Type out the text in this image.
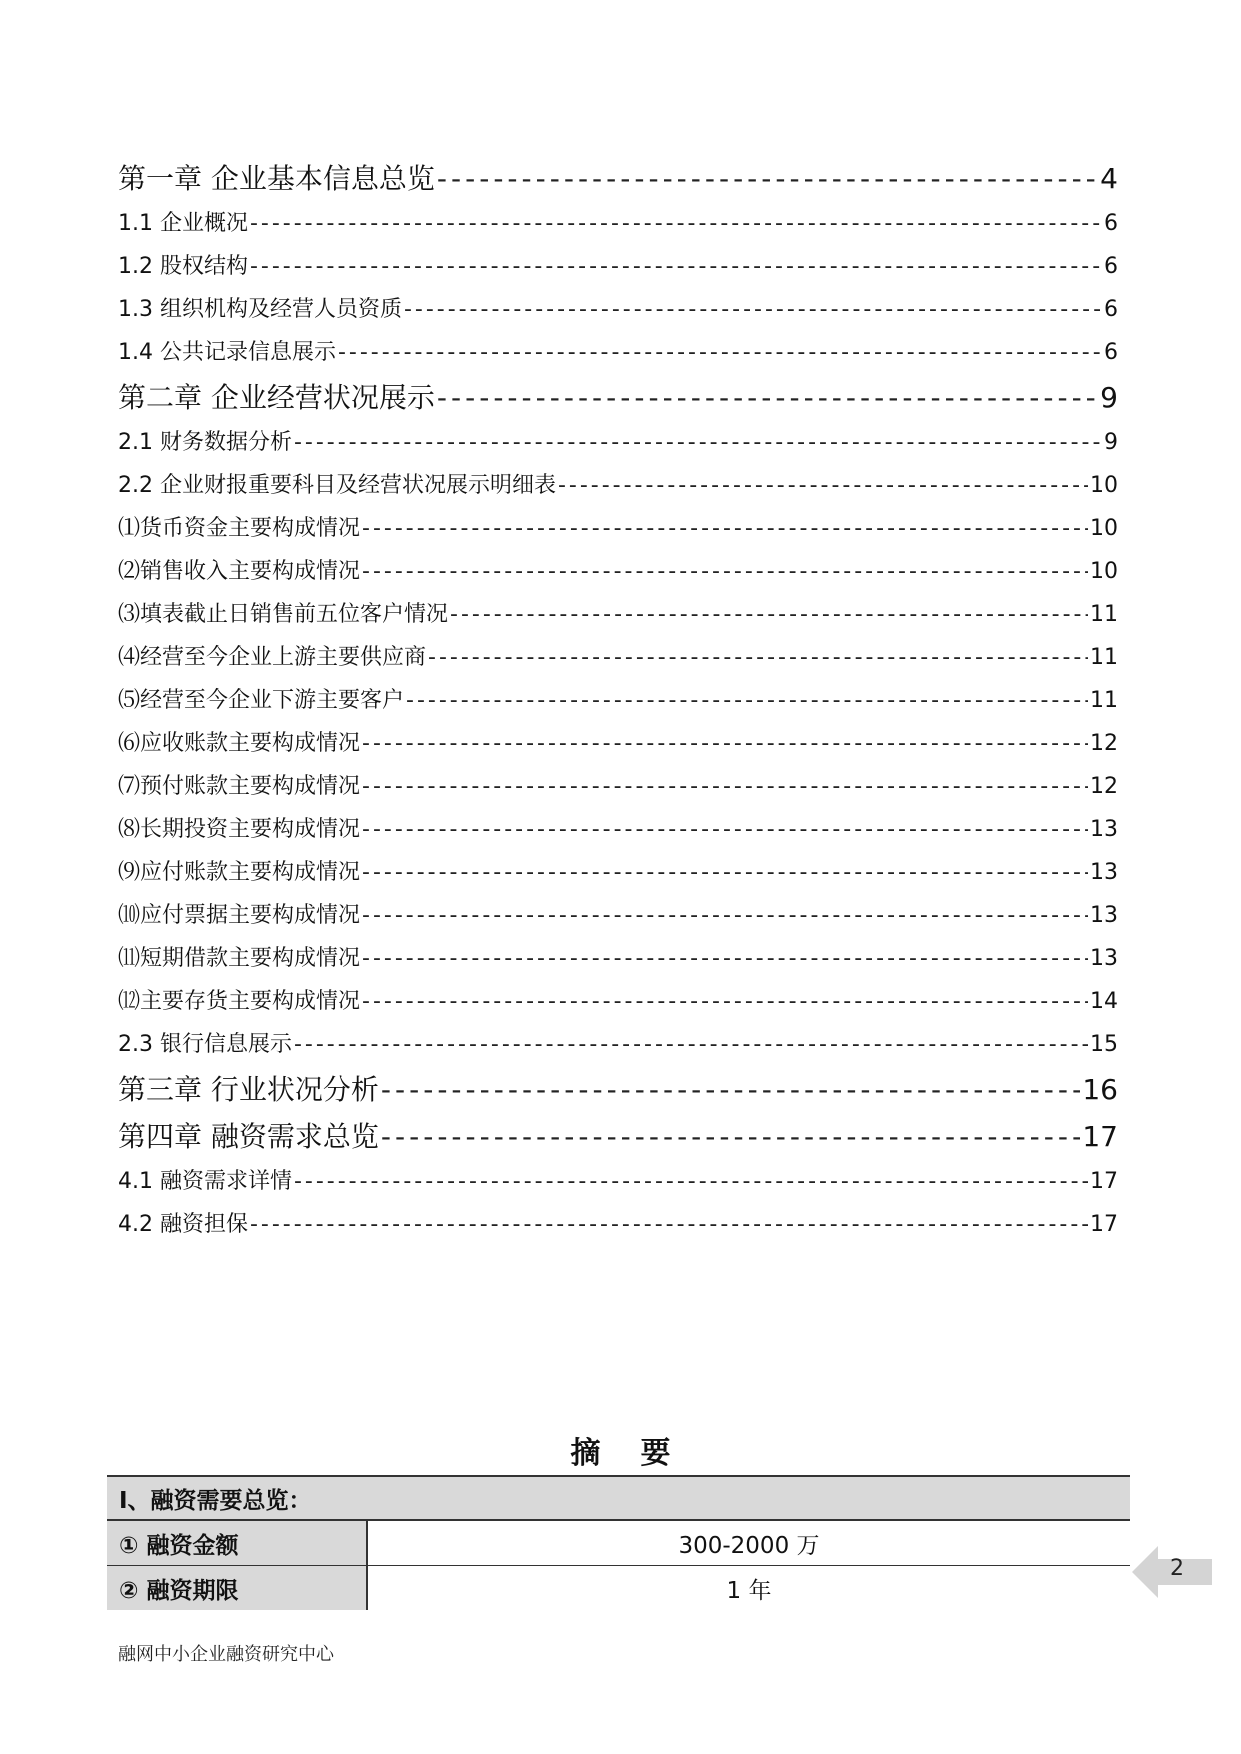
第一章 企业基本信息总览 -----	4
1.1 企业概况 -----	6
1.2 股权结构 -----	6
1.3 组织机构及经营人员资质 -----	6
1.4 公共记录信息展示 -----	6
第二章 企业经营状况展示 -----	9
2.1 财务数据分析 -----	9
2.2 企业财报重要科目及经营状况展示明细表 -----	10
⑴货币资金主要构成情况 -----	10
⑵销售收入主要构成情况 -----	10
⑶填表截止日销售前五位客户情况 -----	11
⑷经营至今企业上游主要供应商 -----	11
⑸经营至今企业下游主要客户 -----	11
⑹应收账款主要构成情况 -----	12
⑺预付账款主要构成情况 -----	12
⑻长期投资主要构成情况 -----	13
⑼应付账款主要构成情况 -----	13
⑽应付票据主要构成情况 -----	13
⑾短期借款主要构成情况 -----	13
⑿主要存货主要构成情况 -----	14
2.3 银行信息展示 -----	15
第三章 行业状况分析 -----	16
第四章 融资需求总览 -----	17
4.1 融资需求详情 -----	17
4.2 融资担保 -----	17
摘要
Ⅰ、融资需要总览：	
① 融资金额	300-2000 万
② 融资期限	1 年
2
融网中小企业融资研究中心
